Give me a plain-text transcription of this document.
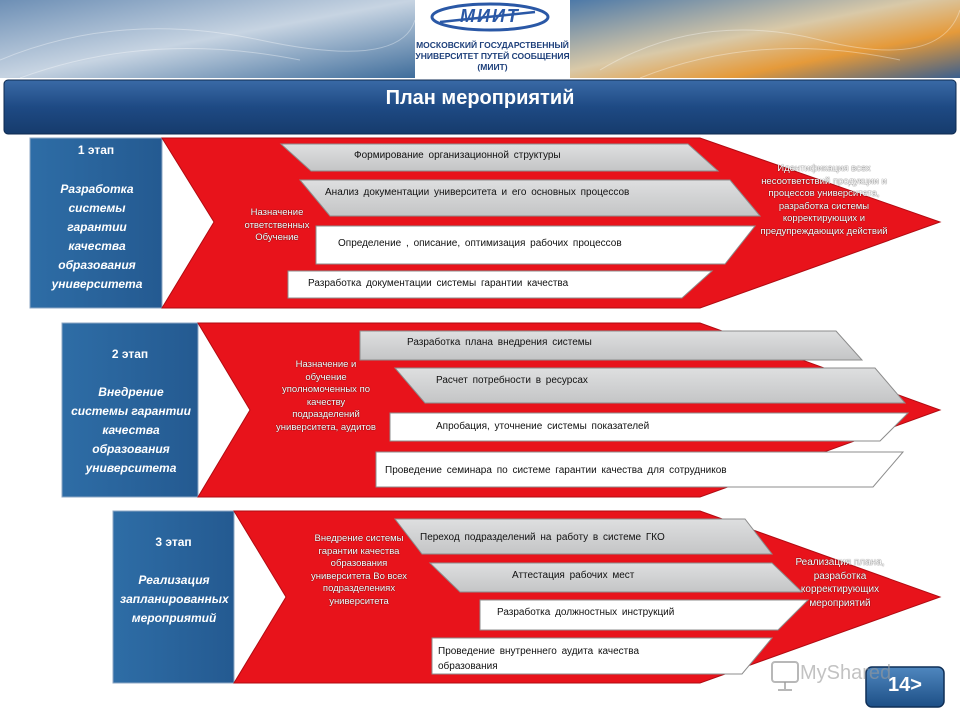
МОСКОВСКИЙ ГОСУДАРСТВЕННЫЙ
УНИВЕРСИТЕТ ПУТЕЙ СООБЩЕНИЯ
(МИИТ)
МИИТ
План мероприятий
1 этап
Разработка системы гарантии качества образования университета
Назначение ответственных Обучение
Идентификация всех несоответствий продукции и процессов университета, разработка системы корректирующих и предупреждающих действий
Формирование организационной структуры
Анализ документации университета и его основных процессов
Определение , описание, оптимизация рабочих процессов
Разработка документации системы гарантии качества
2 этап
Внедрение системы гарантии качества образования университета
Назначение и обучение уполномоченных по качеству подразделений университета, аудитов
Разработка плана внедрения системы
Расчет потребности в ресурсах
Апробация, уточнение системы показателей
Проведение семинара по системе гарантии качества для сотрудников
3 этап
Реализация запланированных мероприятий
Внедрение системы гарантии качества образования университета Во всех подразделениях университета
Реализация плана, разработка корректирующих мероприятий
Переход подразделений на работу в системе ГКО
Аттестация рабочих мест
Разработка должностных инструкций
Проведение внутреннего аудита качества образования	MyShared
14>
